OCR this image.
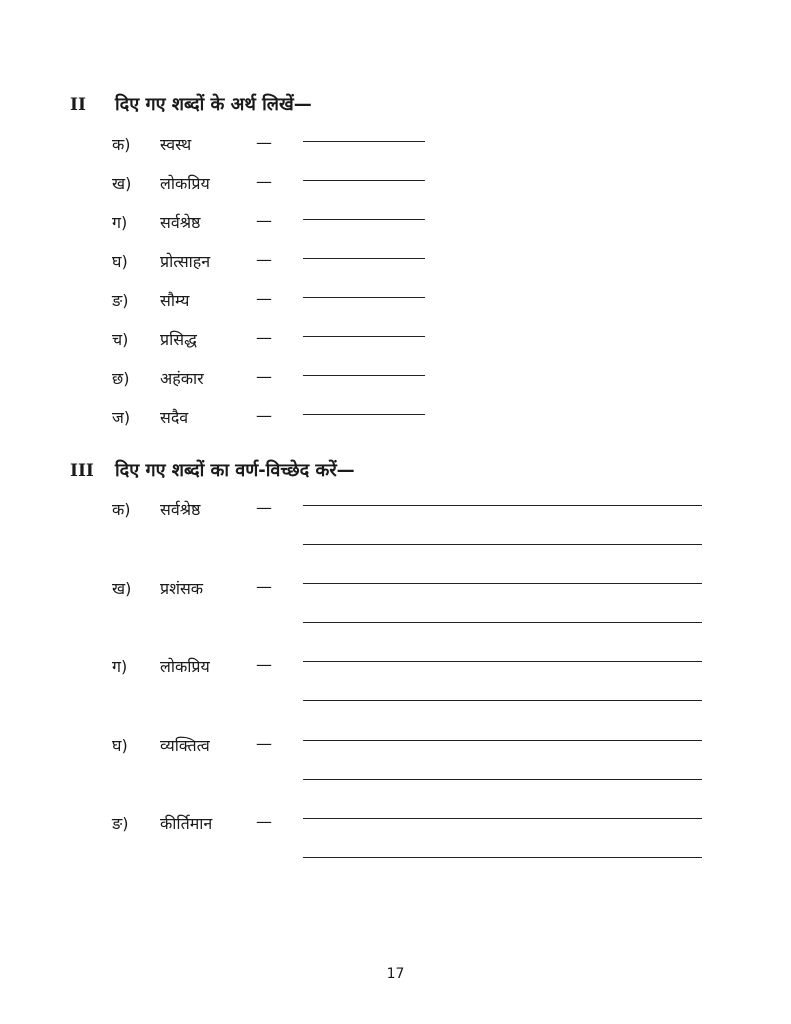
II दिए गए शब्दों के अर्थ लिखें—
क) स्वस्थ	—
ख) लोकप्रिय	—
ग) सर्वश्रेष्ठ	—
घ) प्रोत्साहन	—
ङ) सौम्य	—
च) प्रसिद्ध	—
छ) अहंकार	—
ज) सदैव	—
III दिए गए शब्दों का वर्ण-विच्छेद करें—
क) सर्वश्रेष्ठ	—
ख) प्रशंसक	—
ग) लोकप्रिय	—
घ) व्यक्तित्व	—
ङ) कीर्तिमान	—
17
